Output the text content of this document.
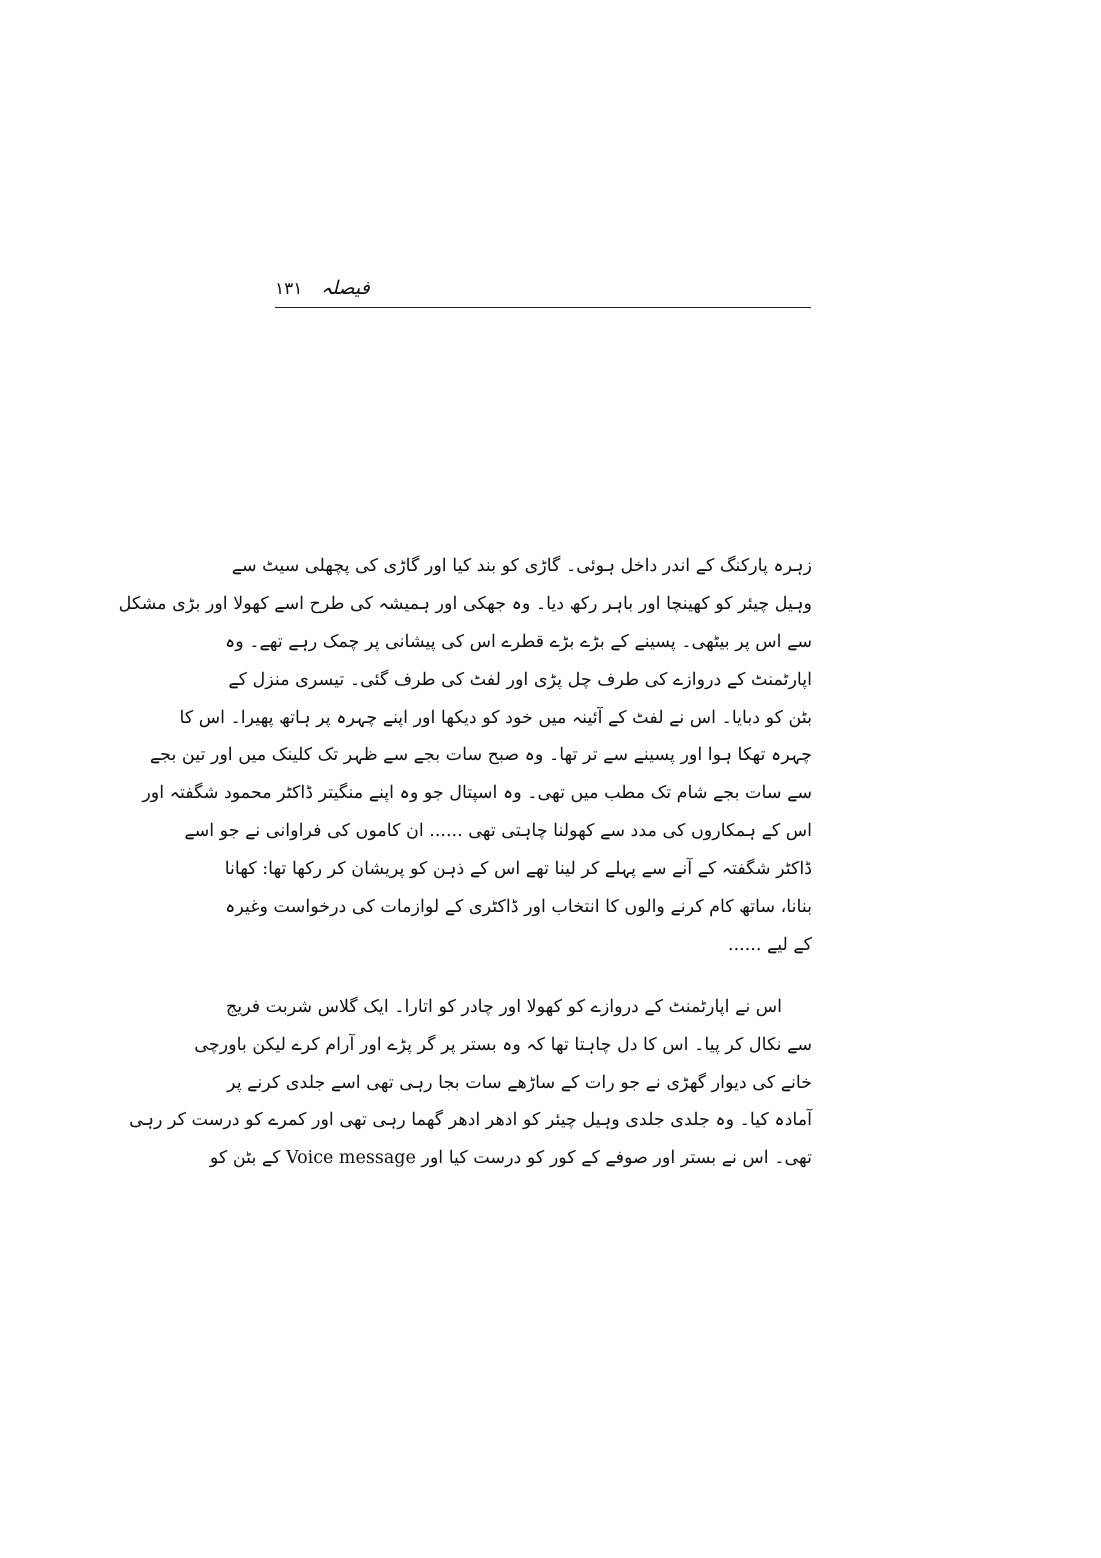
فیصلہ
۱۳۱
زہرہ پارکنگ کے اندر داخل ہوئی۔ گاڑی کو بند کیا اور گاڑی کی پچھلی سیٹ سے
وہیل چیئر کو کھینچا اور باہر رکھ دیا۔ وہ جھکی اور ہمیشہ کی طرح اسے کھولا اور بڑی مشکل
سے اس پر بیٹھی۔ پسینے کے بڑے بڑے قطرے اس کی پیشانی پر چمک رہے تھے۔ وہ
اپارٹمنٹ کے دروازے کی طرف چل پڑی اور لفٹ کی طرف گئی۔ تیسری منزل کے
بٹن کو دبایا۔ اس نے لفٹ کے آئینہ میں خود کو دیکھا اور اپنے چہرہ پر ہاتھ پھیرا۔ اس کا
چہرہ تھکا ہوا اور پسینے سے تر تھا۔ وہ صبح سات بجے سے ظہر تک کلینک میں اور تین بجے
سے سات بجے شام تک مطب میں تھی۔ وہ اسپتال جو وہ اپنے منگیتر ڈاکٹر محمود شگفتہ اور
اس کے ہمکاروں کی مدد سے کھولنا چاہتی تھی ...... ان کاموں کی فراوانی نے جو اسے
ڈاکٹر شگفتہ کے آنے سے پہلے کر لینا تھے اس کے ذہن کو پریشان کر رکھا تھا: کھانا
بنانا، ساتھ کام کرنے والوں کا انتخاب اور ڈاکٹری کے لوازمات کی درخواست وغیرہ
کے لیے ......
اس نے اپارٹمنٹ کے دروازے کو کھولا اور چادر کو اتارا۔ ایک گلاس شربت فریج
سے نکال کر پیا۔ اس کا دل چاہتا تھا کہ وہ بستر پر گر پڑے اور آرام کرے لیکن باورچی
خانے کی دیوار گھڑی نے جو رات کے ساڑھے سات بجا رہی تھی اسے جلدی کرنے پر
آمادہ کیا۔ وہ جلدی جلدی وہیل چیئر کو ادھر ادھر گھما رہی تھی اور کمرے کو درست کر رہی
تھی۔ اس نے بستر اور صوفے کے کور کو درست کیا اور Voice message کے بٹن کو
